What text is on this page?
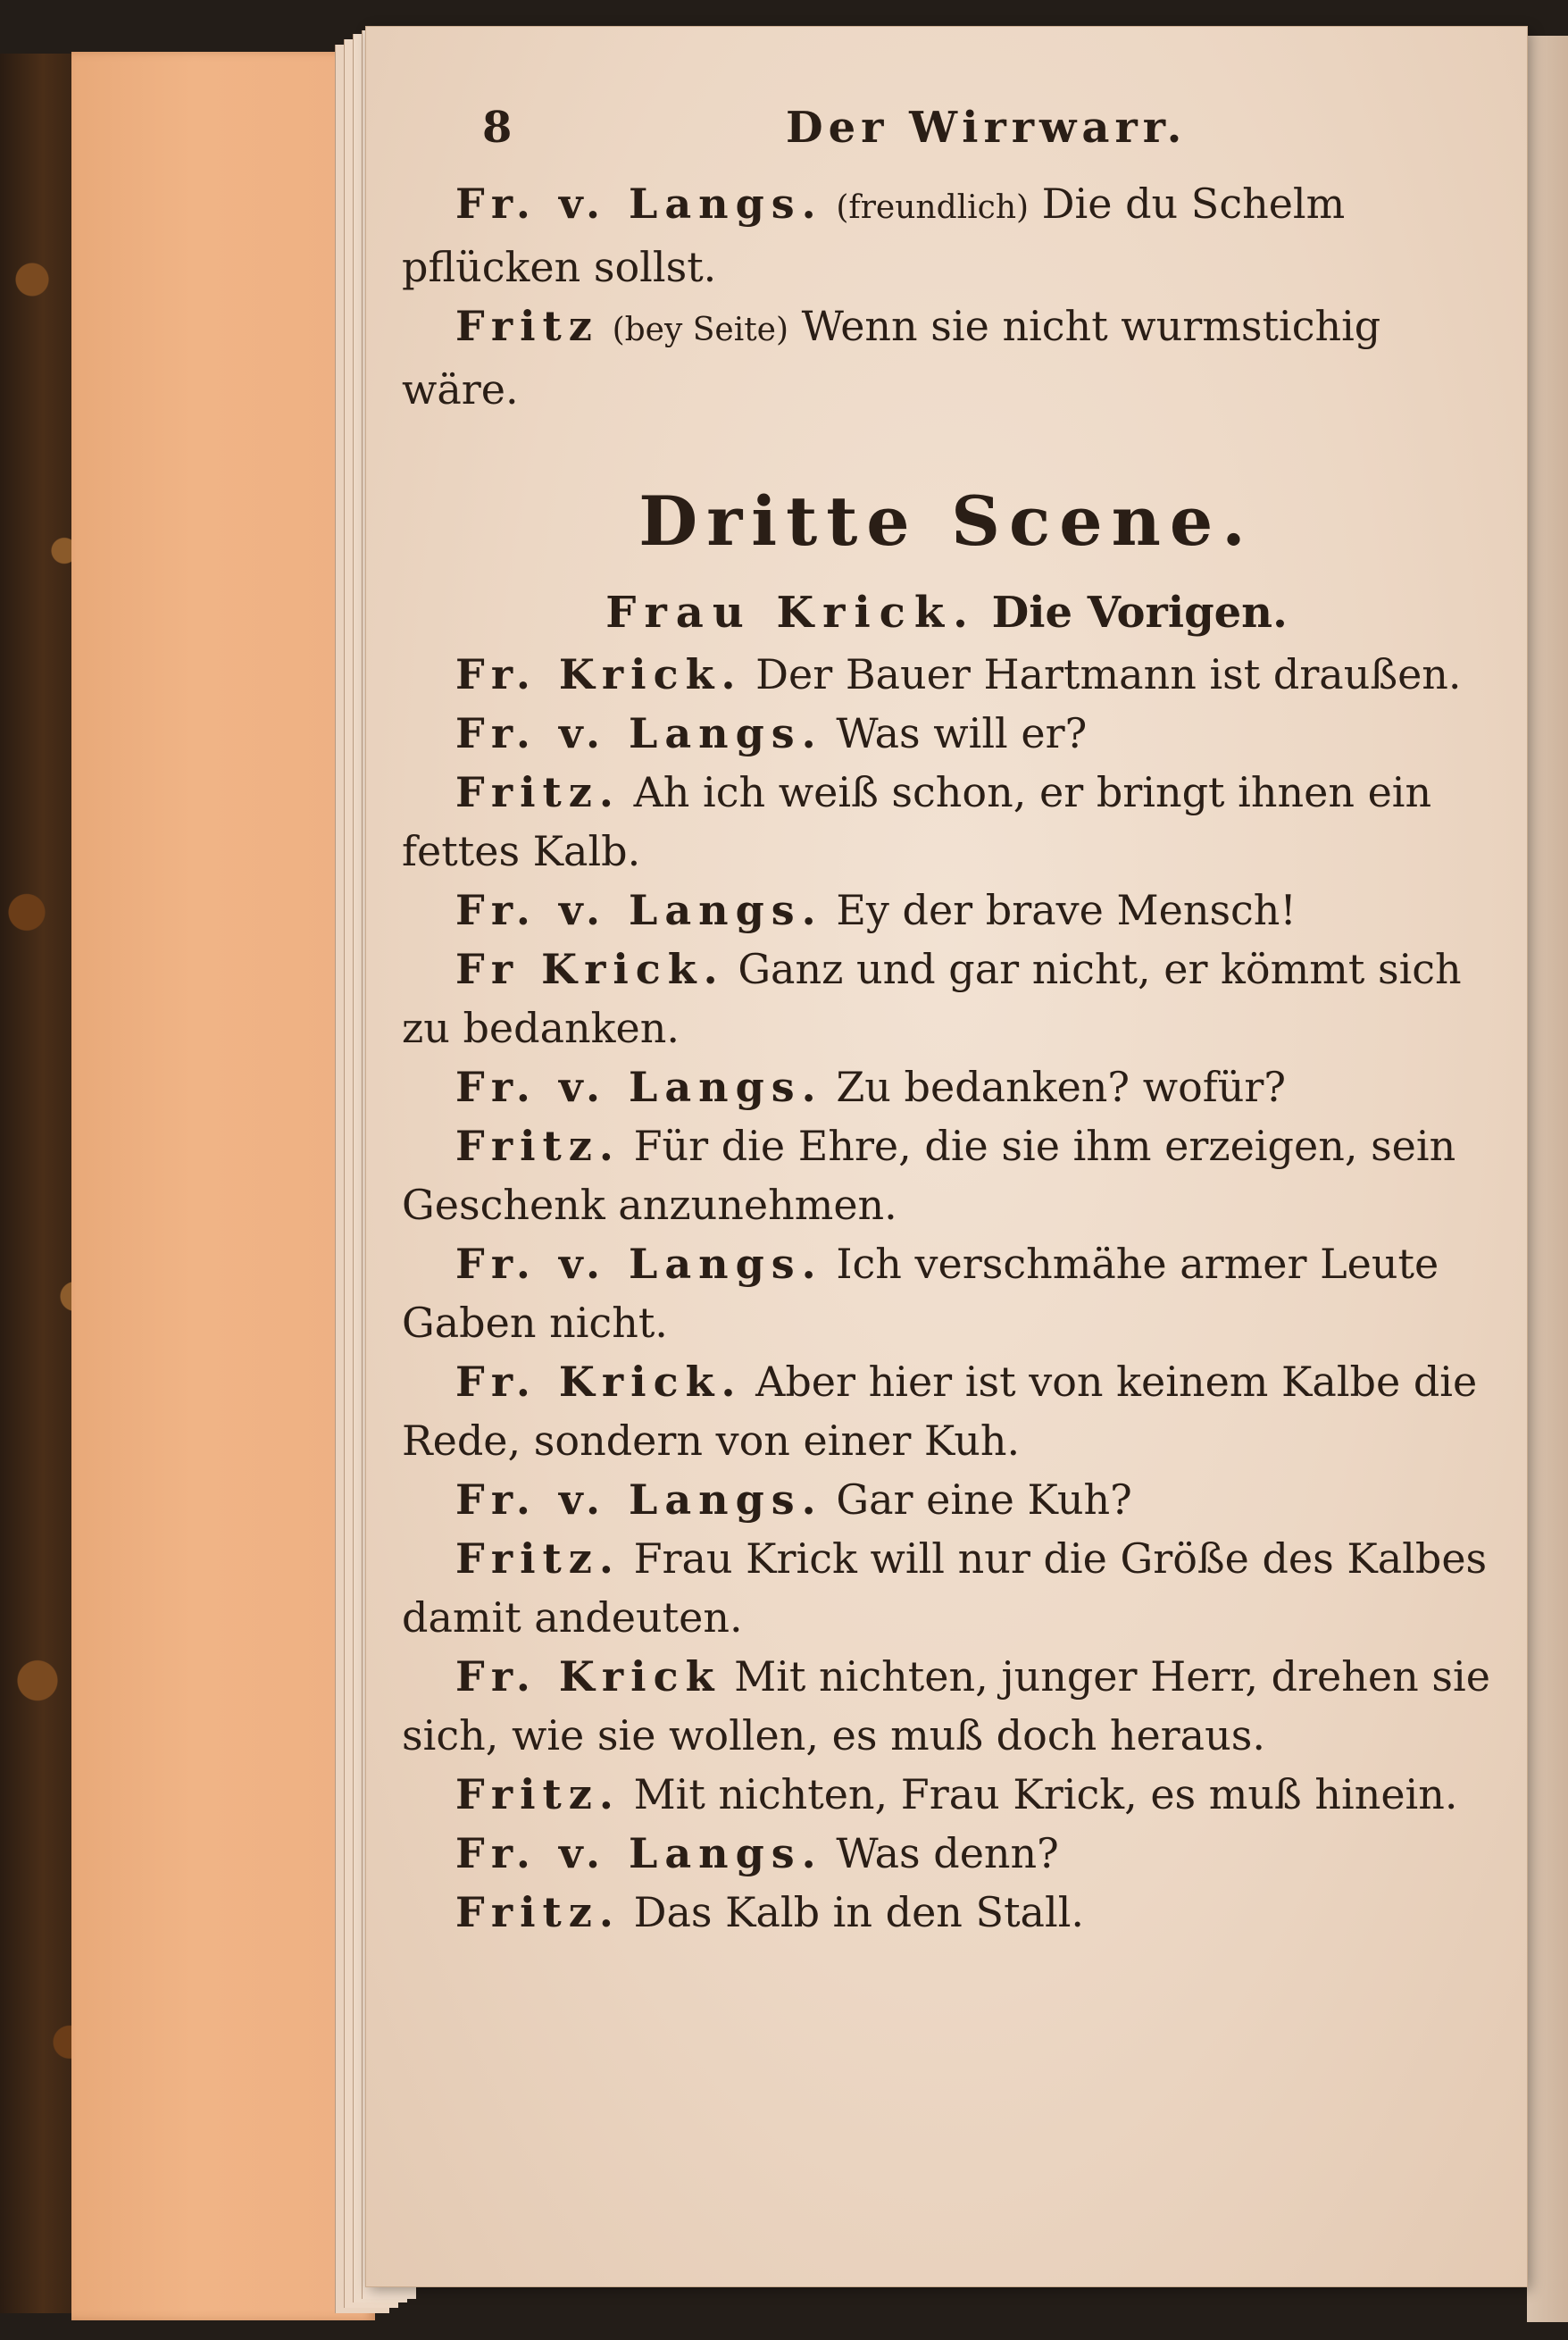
8	Der Wirrwarr.

Fr. v. Langs. (freundlich) Die du Schelm pflücken sollst.

Fritz (bey Seite) Wenn sie nicht wurmstichig wäre.

Dritte Scene.
Frau Krick. Die Vorigen.

Fr. Krick. Der Bauer Hartmann ist draußen.

Fr. v. Langs. Was will er?

Fritz. Ah ich weiß schon, er bringt ihnen ein fettes Kalb.

Fr. v. Langs. Ey der brave Mensch!

Fr Krick. Ganz und gar nicht, er kömmt sich zu bedanken.

Fr. v. Langs. Zu bedanken? wofür?

Fritz. Für die Ehre, die sie ihm erzeigen, sein Geschenk anzunehmen.

Fr. v. Langs. Ich verschmähe armer Leute Gaben nicht.

Fr. Krick. Aber hier ist von keinem Kalbe die Rede, sondern von einer Kuh.

Fr. v. Langs. Gar eine Kuh?

Fritz. Frau Krick will nur die Größe des Kalbes damit andeuten.

Fr. Krick Mit nichten, junger Herr, drehen sie sich, wie sie wollen, es muß doch heraus.

Fritz. Mit nichten, Frau Krick, es muß hinein.

Fr. v. Langs. Was denn?

Fritz. Das Kalb in den Stall.
